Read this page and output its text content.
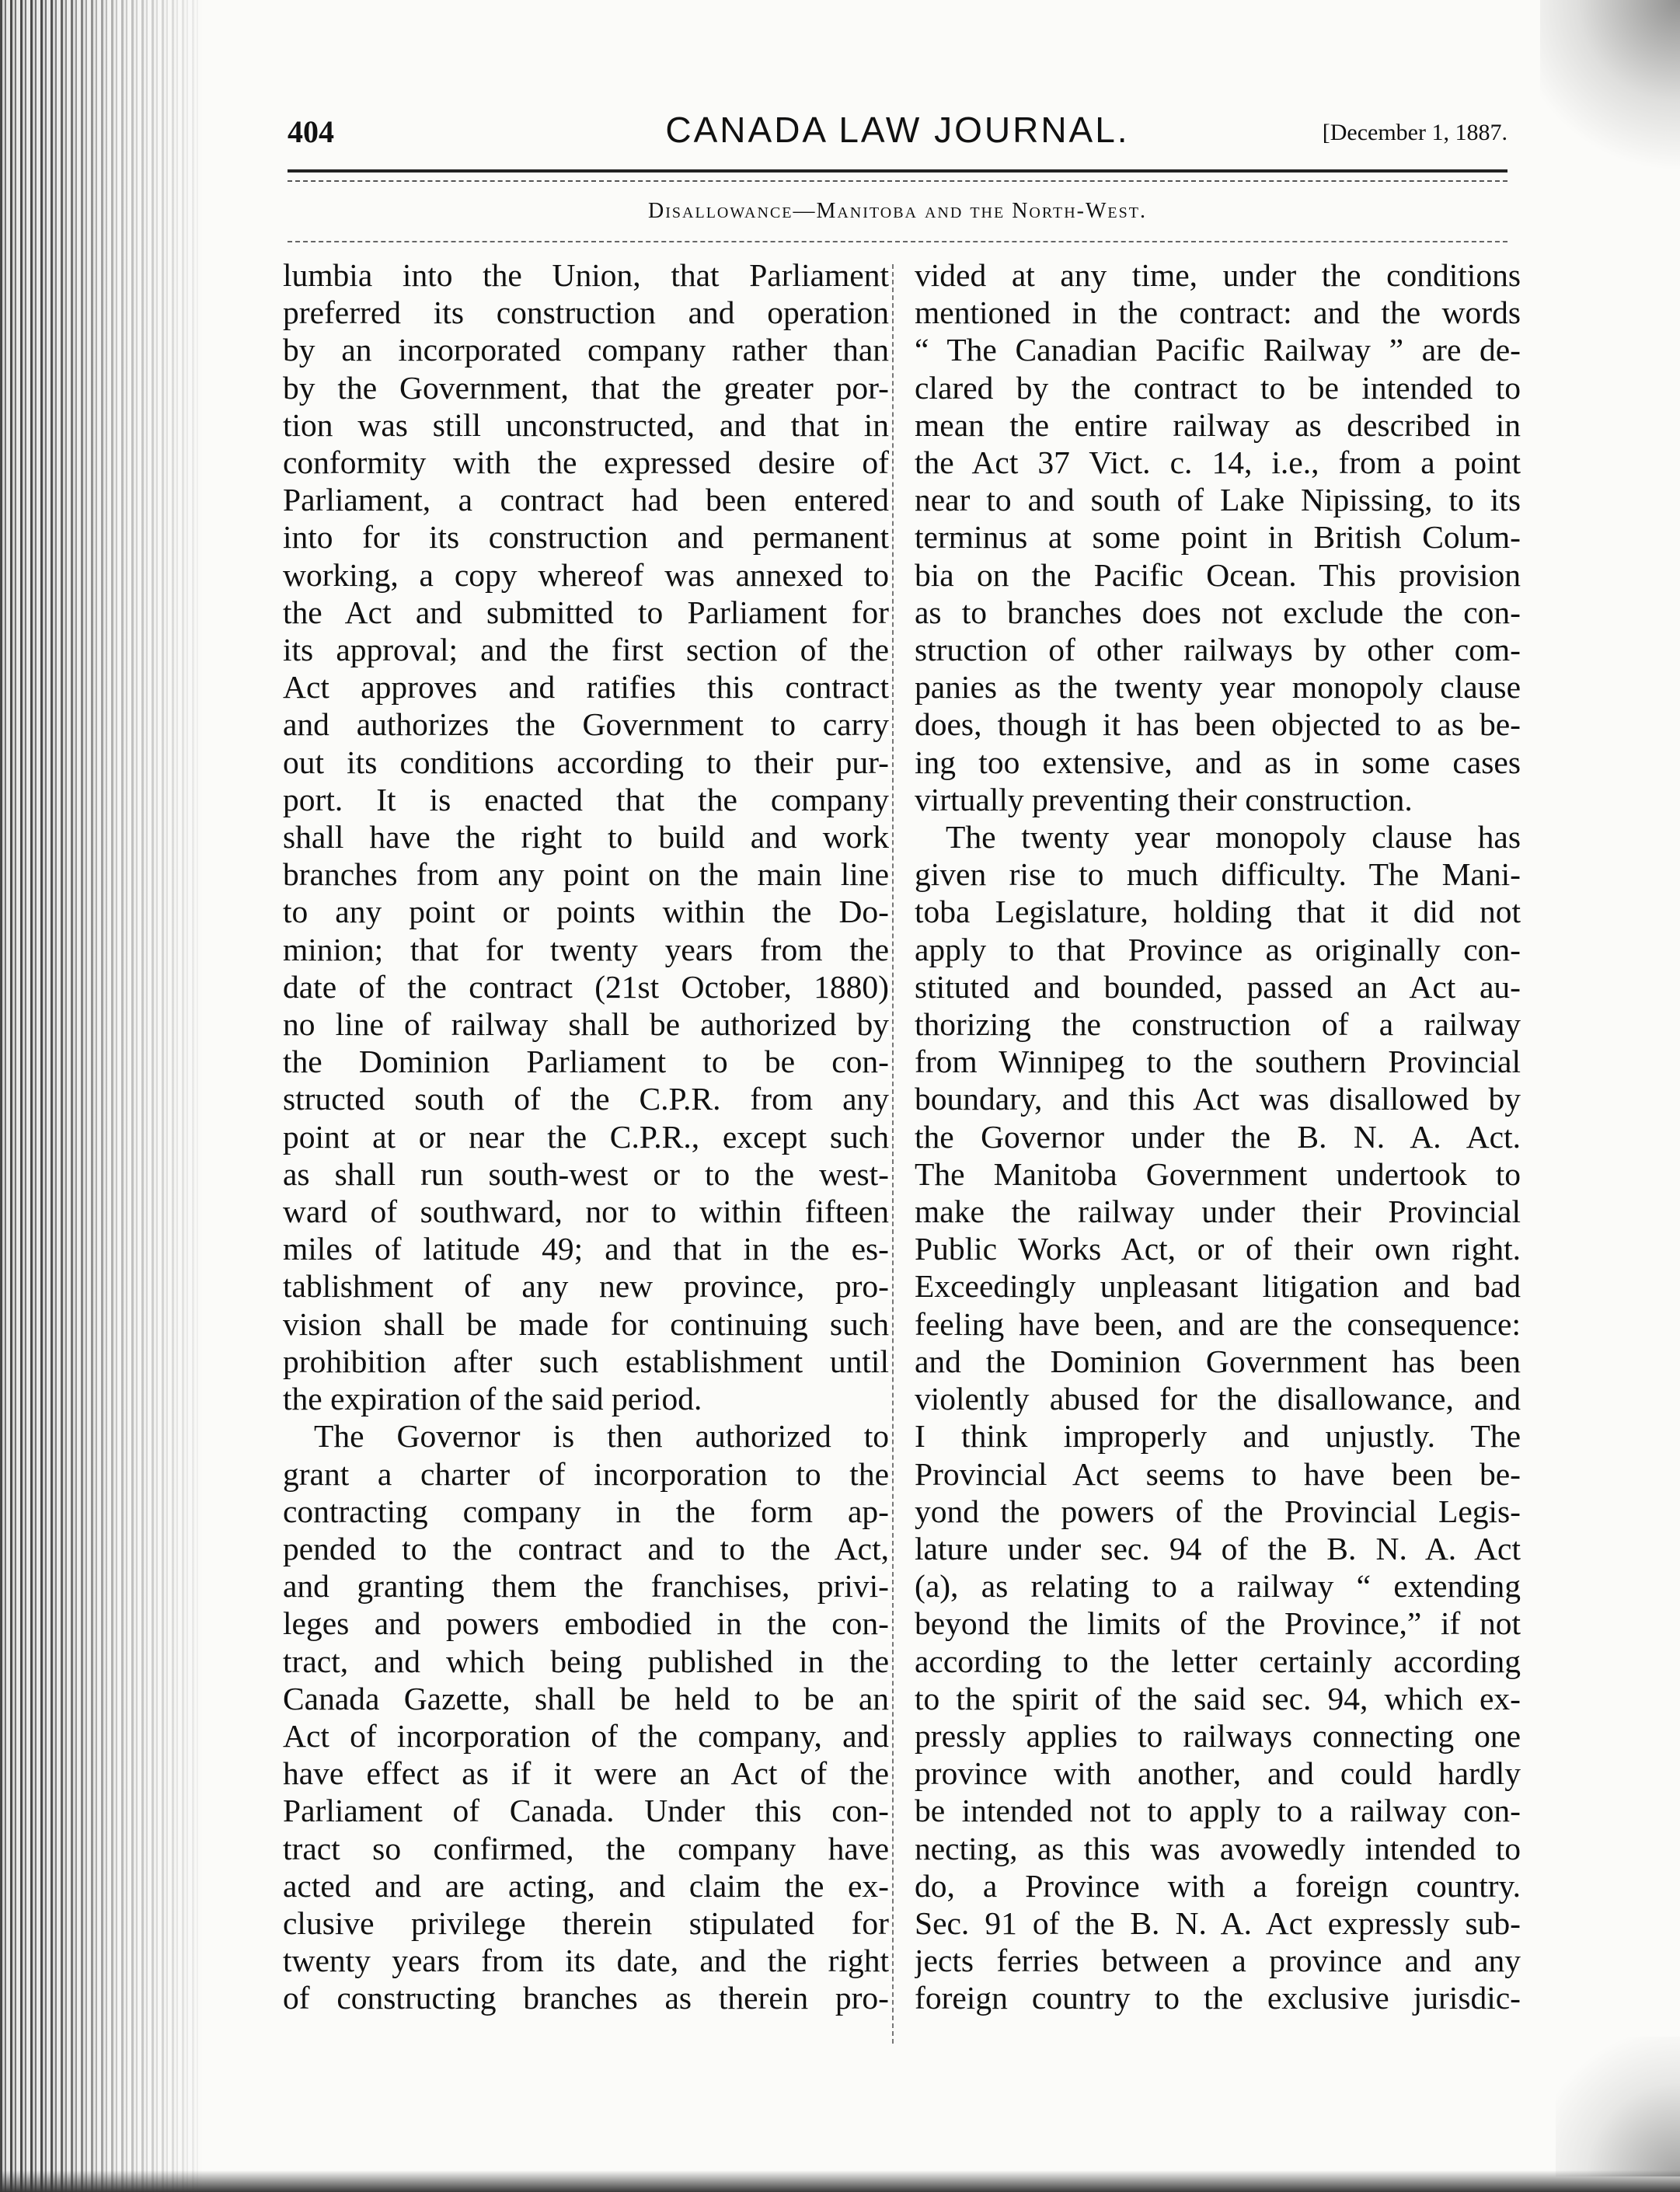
404	CANADA LAW JOURNAL.	[December 1, 1887.
Disallowance—Manitoba and the North-West.
lumbia into the Union, that Parliament
preferred its construction and operation
by an incorporated company rather than
by the Government, that the greater por-
tion was still unconstructed, and that in
conformity with the expressed desire of
Parliament, a contract had been entered
into for its construction and permanent
working, a copy whereof was annexed to
the Act and submitted to Parliament for
its approval; and the first section of the
Act approves and ratifies this contract
and authorizes the Government to carry
out its conditions according to their pur-
port. It is enacted that the company
shall have the right to build and work
branches from any point on the main line
to any point or points within the Do-
minion; that for twenty years from the
date of the contract (21st October, 1880)
no line of railway shall be authorized by
the Dominion Parliament to be con-
structed south of the C.P.R. from any
point at or near the C.P.R., except such
as shall run south-west or to the west-
ward of southward, nor to within fifteen
miles of latitude 49; and that in the es-
tablishment of any new province, pro-
vision shall be made for continuing such
prohibition after such establishment until
the expiration of the said period.
The Governor is then authorized to
grant a charter of incorporation to the
contracting company in the form ap-
pended to the contract and to the Act,
and granting them the franchises, privi-
leges and powers embodied in the con-
tract, and which being published in the
Canada Gazette, shall be held to be an
Act of incorporation of the company, and
have effect as if it were an Act of the
Parliament of Canada. Under this con-
tract so confirmed, the company have
acted and are acting, and claim the ex-
clusive privilege therein stipulated for
twenty years from its date, and the right
of constructing branches as therein pro-
vided at any time, under the conditions
mentioned in the contract: and the words
“ The Canadian Pacific Railway ” are de-
clared by the contract to be intended to
mean the entire railway as described in
the Act 37 Vict. c. 14, i.e., from a point
near to and south of Lake Nipissing, to its
terminus at some point in British Colum-
bia on the Pacific Ocean. This provision
as to branches does not exclude the con-
struction of other railways by other com-
panies as the twenty year monopoly clause
does, though it has been objected to as be-
ing too extensive, and as in some cases
virtually preventing their construction.
The twenty year monopoly clause has
given rise to much difficulty. The Mani-
toba Legislature, holding that it did not
apply to that Province as originally con-
stituted and bounded, passed an Act au-
thorizing the construction of a railway
from Winnipeg to the southern Provincial
boundary, and this Act was disallowed by
the Governor under the B. N. A. Act.
The Manitoba Government undertook to
make the railway under their Provincial
Public Works Act, or of their own right.
Exceedingly unpleasant litigation and bad
feeling have been, and are the consequence:
and the Dominion Government has been
violently abused for the disallowance, and
I think improperly and unjustly. The
Provincial Act seems to have been be-
yond the powers of the Provincial Legis-
lature under sec. 94 of the B. N. A. Act
(a), as relating to a railway “ extending
beyond the limits of the Province,” if not
according to the letter certainly according
to the spirit of the said sec. 94, which ex-
pressly applies to railways connecting one
province with another, and could hardly
be intended not to apply to a railway con-
necting, as this was avowedly intended to
do, a Province with a foreign country.
Sec. 91 of the B. N. A. Act expressly sub-
jects ferries between a province and any
foreign country to the exclusive jurisdic-
